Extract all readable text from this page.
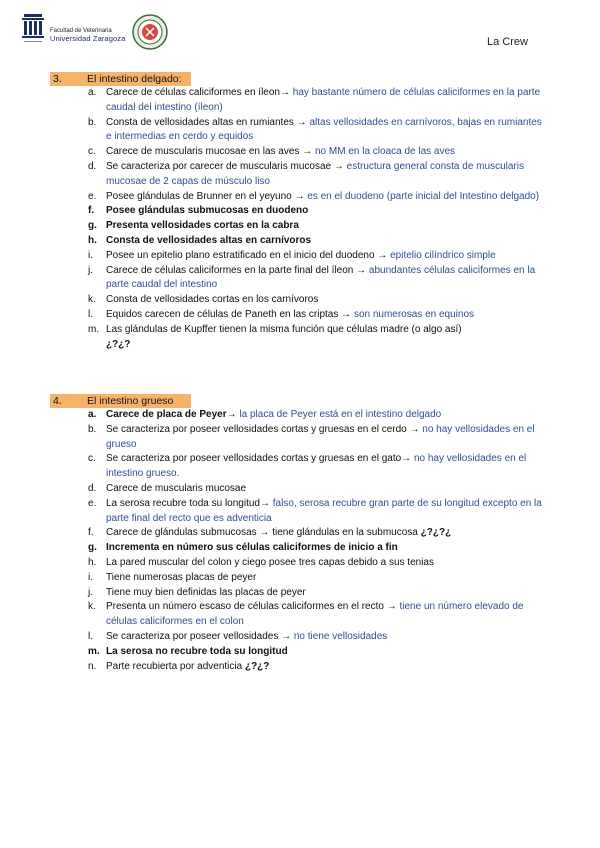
Facultad de Veterinaria
Universidad Zaragoza	La Crew
3. El intestino delgado:
a. Carece de células caliciformes en íleon→ hay bastante número de células caliciformes en la parte caudal del intestino (íleon)
b. Consta de vellosidades altas en rumiantes → altas vellosidades en carnívoros, bajas en rumiantes e intermedias en cerdo y equidos
c. Carece de muscularis mucosae en las aves → no MM en la cloaca de las aves
d. Se caracteriza por carecer de muscularis mucosae → estructura general consta de muscularis mucosae de 2 capas de músculo liso
e. Posee glándulas de Brunner en el yeyuno → es en el duodeno (parte inicial del Intestino delgado)
f. Posee glándulas submucosas en duodeno
g. Presenta vellosidades cortas en la cabra
h. Consta de vellosidades altas en carnívoros
i. Posee un epitelio plano estratificado en el inicio del duodeno → epitelio cilíndrico simple
j. Carece de células caliciformes en la parte final del íleon → abundantes células caliciformes en la parte caudal del intestino
k. Consta de vellosidades cortas en los carnívoros
l. Equidos carecen de células de Paneth en las criptas → son numerosas en equinos
m. Las glándulas de Kupffer tienen la misma función que células madre (o algo así)
¿?¿?
4. El intestino grueso
a. Carece de placa de Peyer→ la placa de Peyer está en el intestino delgado
b. Se caracteriza por poseer vellosidades cortas y gruesas en el cerdo → no hay vellosidades en el grueso
c. Se caracteriza por poseer vellosidades cortas y gruesas en el gato→ no hay vellosidades en el intestino grueso.
d. Carece de muscularis mucosae
e. La serosa recubre toda su longitud→ falso, serosa recubre gran parte de su longitud excepto en la parte final del recto que es adventicia
f. Carece de glándulas submucosas → tiene glándulas en la submucosa ¿?¿?¿
g. Incrementa en número sus células caliciformes de inicio a fin
h. La pared muscular del colon y ciego posee tres capas debido a sus tenias
i. Tiene numerosas placas de peyer
j. Tiene muy bien definidas las placas de peyer
k. Presenta un número escaso de células caliciformes en el recto → tiene un número elevado de células caliciformes en el colon
l. Se caracteriza por poseer vellosidades → no tiene vellosidades
m. La serosa no recubre toda su longitud
n. Parte recubierta por adventicia ¿?¿?
